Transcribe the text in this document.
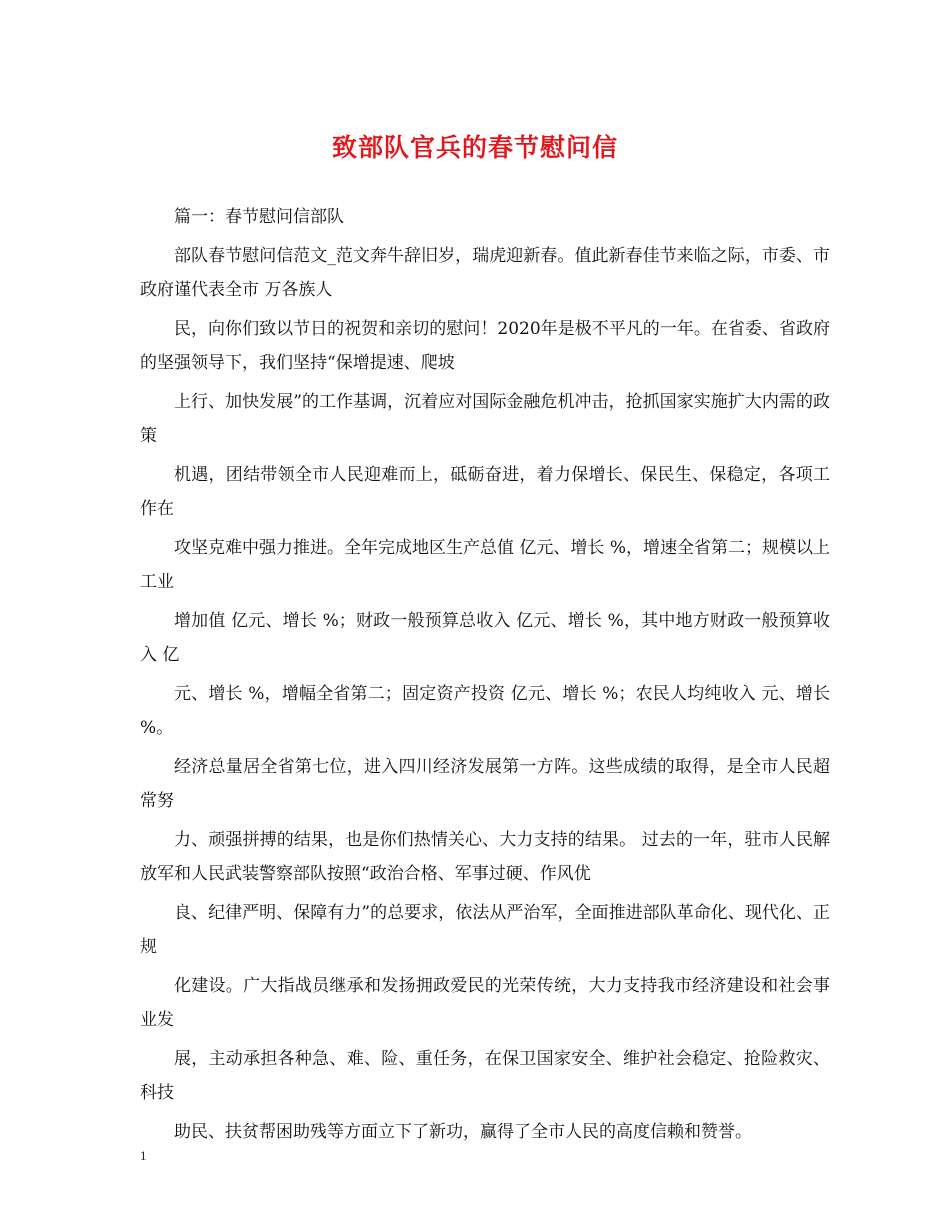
致部队官兵的春节慰问信

篇一：春节慰问信部队

部队春节慰问信范文_范文奔牛辞旧岁，瑞虎迎新春。值此新春佳节来临之际，市委、市政府谨代表全市 万各族人

民，向你们致以节日的祝贺和亲切的慰问！2020年是极不平凡的一年。在省委、省政府的坚强领导下，我们坚持“保增提速、爬坡

上行、加快发展”的工作基调，沉着应对国际金融危机冲击，抢抓国家实施扩大内需的政策

机遇，团结带领全市人民迎难而上，砥砺奋进，着力保增长、保民生、保稳定，各项工作在

攻坚克难中强力推进。全年完成地区生产总值 亿元、增长 %，增速全省第二；规模以上工业

增加值 亿元、增长 %；财政一般预算总收入 亿元、增长 %，其中地方财政一般预算收入 亿

元、增长 %，增幅全省第二；固定资产投资 亿元、增长 %；农民人均纯收入 元、增长 %。

经济总量居全省第七位，进入四川经济发展第一方阵。这些成绩的取得，是全市人民超常努

力、顽强拼搏的结果，也是你们热情关心、大力支持的结果。 过去的一年，驻市人民解放军和人民武装警察部队按照“政治合格、军事过硬、作风优

良、纪律严明、保障有力”的总要求，依法从严治军，全面推进部队革命化、现代化、正规

化建设。广大指战员继承和发扬拥政爱民的光荣传统，大力支持我市经济建设和社会事业发

展，主动承担各种急、难、险、重任务，在保卫国家安全、维护社会稳定、抢险救灾、科技

助民、扶贫帮困助残等方面立下了新功，赢得了全市人民的高度信赖和赞誉。

1
